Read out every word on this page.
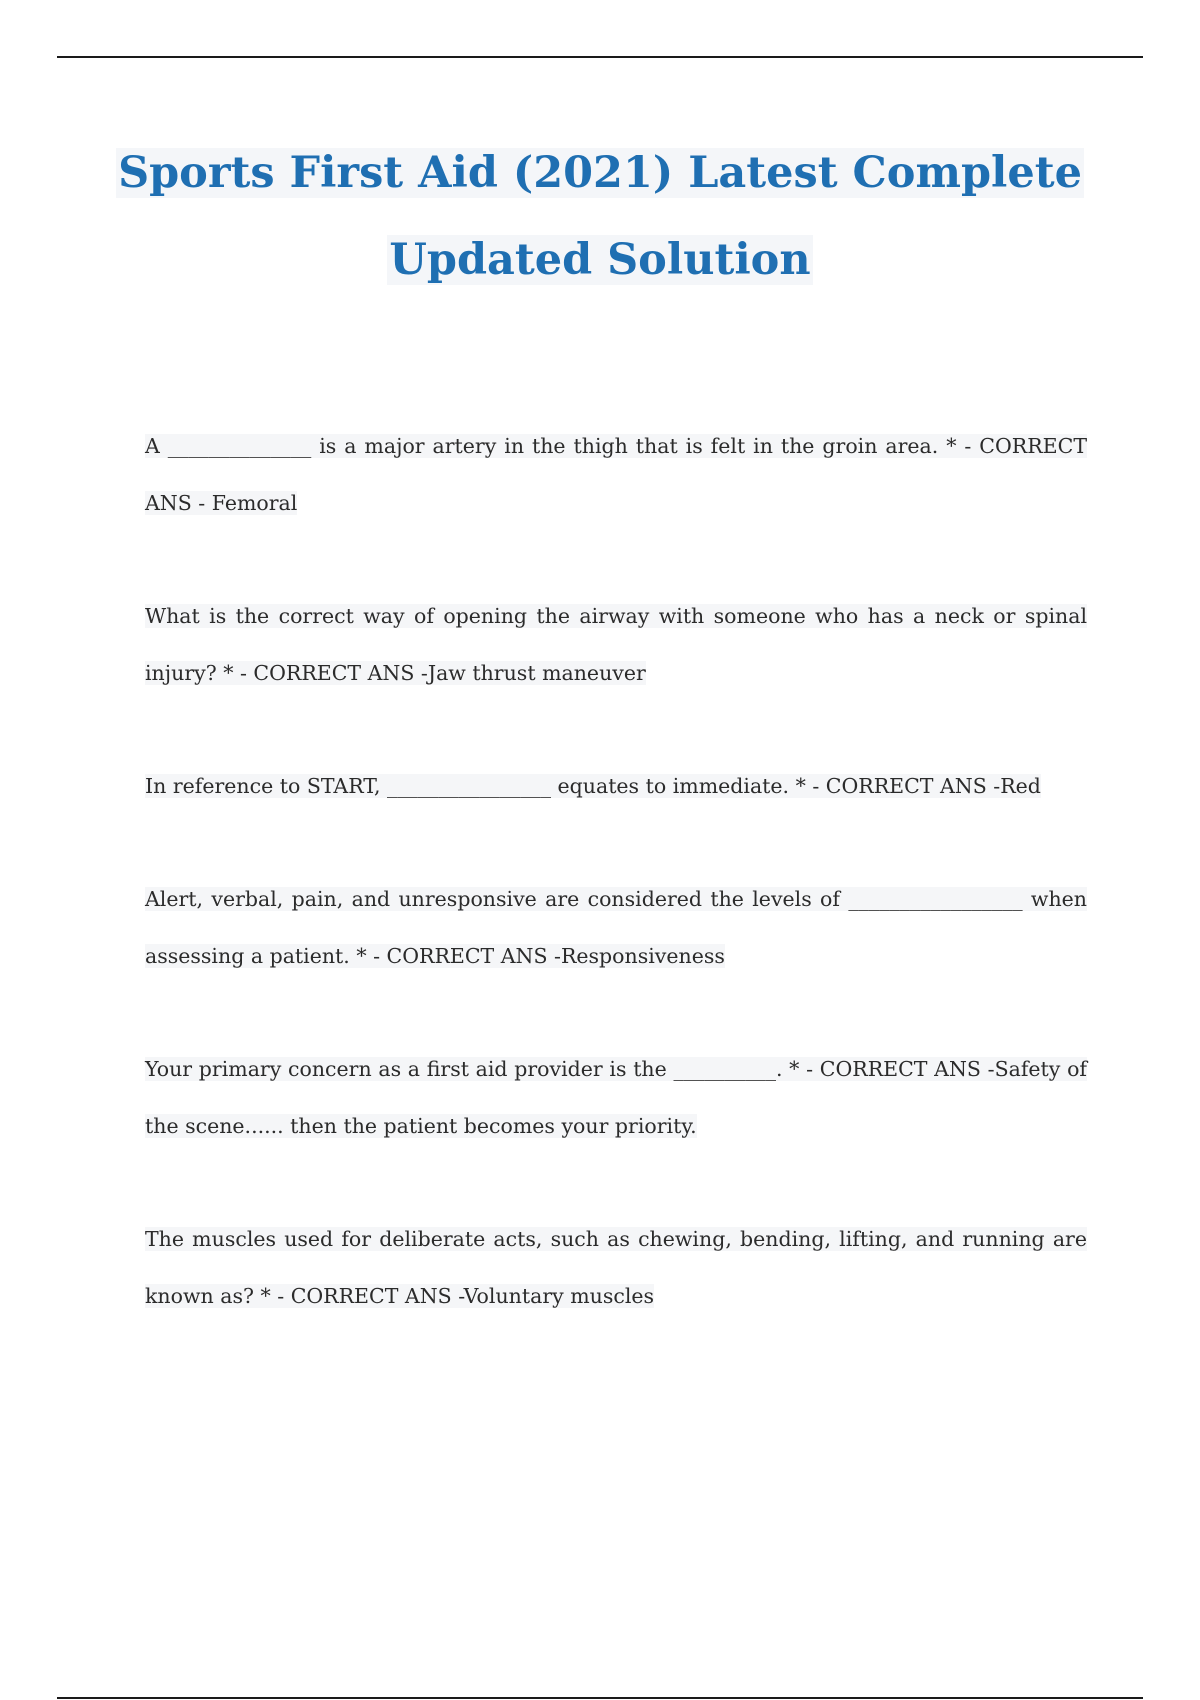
Sports First Aid (2021) Latest Complete
Updated Solution

A ______________ is a major artery in the thigh that is felt in the groin area. * - CORRECT ANS - Femoral

What is the correct way of opening the airway with someone who has a neck or spinal injury? * - CORRECT ANS -Jaw thrust maneuver

In reference to START, ________________ equates to immediate. * - CORRECT ANS -Red

Alert, verbal, pain, and unresponsive are considered the levels of _________________ when assessing a patient. * - CORRECT ANS -Responsiveness

Your primary concern as a first aid provider is the __________. * - CORRECT ANS -Safety of the scene...... then the patient becomes your priority.

The muscles used for deliberate acts, such as chewing, bending, lifting, and running are known as? * - CORRECT ANS -Voluntary muscles
